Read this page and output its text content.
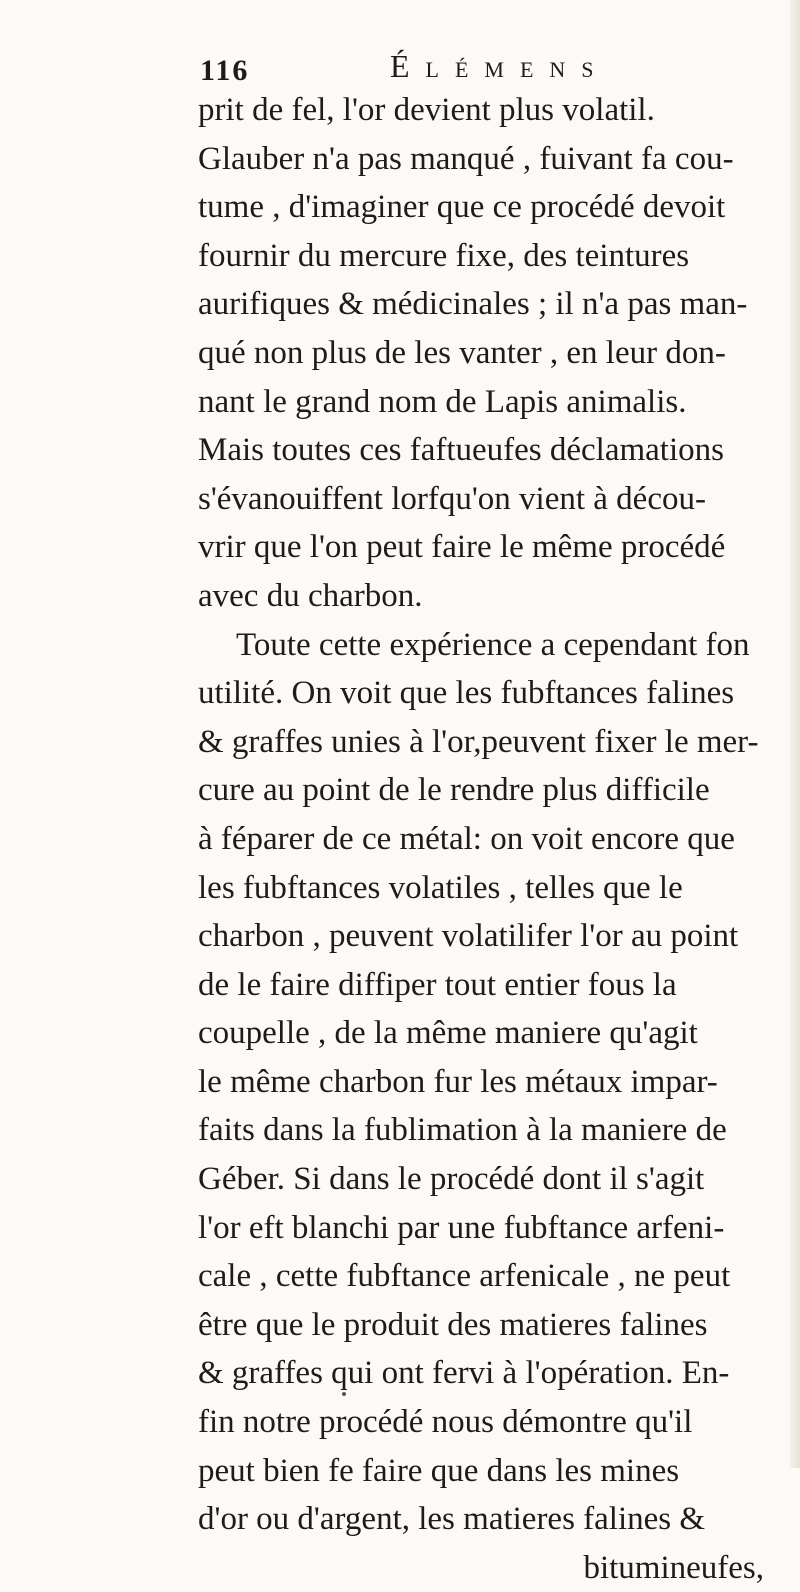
116	Élémens
prit de fel, l'or devient plus volatil.
Glauber n'a pas manqué , fuivant fa cou-
tume , d'imaginer que ce procédé devoit
fournir du mercure fixe, des teintures
aurifiques & médicinales ; il n'a pas man-
qué non plus de les vanter , en leur don-
nant le grand nom de Lapis animalis.
Mais toutes ces faftueufes déclamations
s'évanouiffent lorfqu'on vient à décou-
vrir que l'on peut faire le même procédé
avec du charbon.
Toute cette expérience a cependant fon
utilité. On voit que les fubftances falines
& graffes unies à l'or,peuvent fixer le mer-
cure au point de le rendre plus difficile
à féparer de ce métal: on voit encore que
les fubftances volatiles , telles que le
charbon , peuvent volatilifer l'or au point
de le faire diffiper tout entier fous la
coupelle , de la même maniere qu'agit
le même charbon fur les métaux impar-
faits dans la fublimation à la maniere de
Géber. Si dans le procédé dont il s'agit
l'or eft blanchi par une fubftance arfeni-
cale , cette fubftance arfenicale , ne peut
être que le produit des matieres falines
& graffes qui ont fervi à l'opération. En-
fin notre procédé nous démontre qu'il
peut bien fe faire que dans les mines
d'or ou d'argent, les matieres falines &
bitumineufes,
